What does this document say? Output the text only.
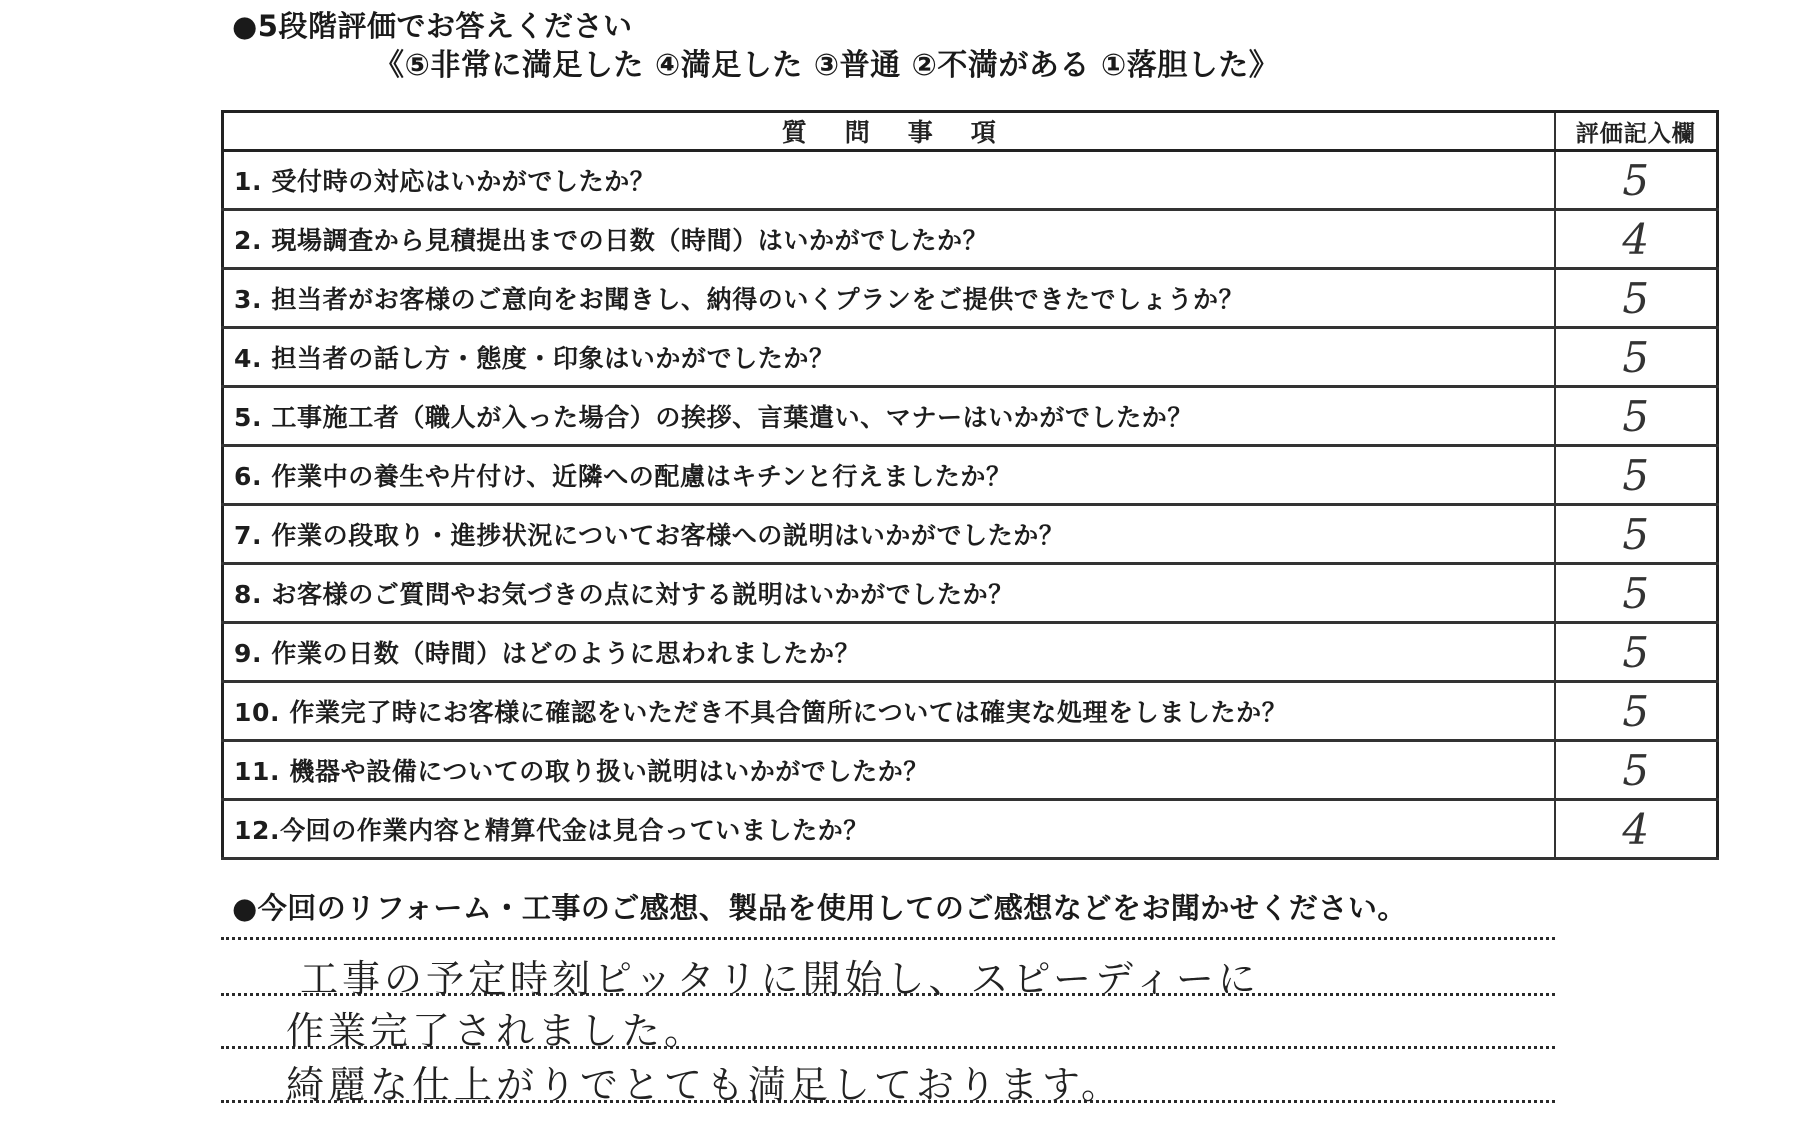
●5段階評価でお答えください
《⑤非常に満足した ④満足した ③普通 ②不満がある ①落胆した》
質問事項	評価記入欄
1. 受付時の対応はいかがでしたか？	5
2. 現場調査から見積提出までの日数（時間）はいかがでしたか？	4
3. 担当者がお客様のご意向をお聞きし、納得のいくプランをご提供できたでしょうか？	5
4. 担当者の話し方・態度・印象はいかがでしたか？	5
5. 工事施工者（職人が入った場合）の挨拶、言葉遣い、マナーはいかがでしたか？	5
6. 作業中の養生や片付け、近隣への配慮はキチンと行えましたか？	5
7. 作業の段取り・進捗状況についてお客様への説明はいかがでしたか？	5
8. お客様のご質問やお気づきの点に対する説明はいかがでしたか？	5
9. 作業の日数（時間）はどのように思われましたか？	5
10. 作業完了時にお客様に確認をいただき不具合箇所については確実な処理をしましたか？	5
11. 機器や設備についての取り扱い説明はいかがでしたか？	5
12.今回の作業内容と精算代金は見合っていましたか？	4
●今回のリフォーム・工事のご感想、製品を使用してのご感想などをお聞かせください。
工事の予定時刻ピッタリに開始し、スピーディーに
作業完了されました。
綺麗な仕上がりでとても満足しております。
